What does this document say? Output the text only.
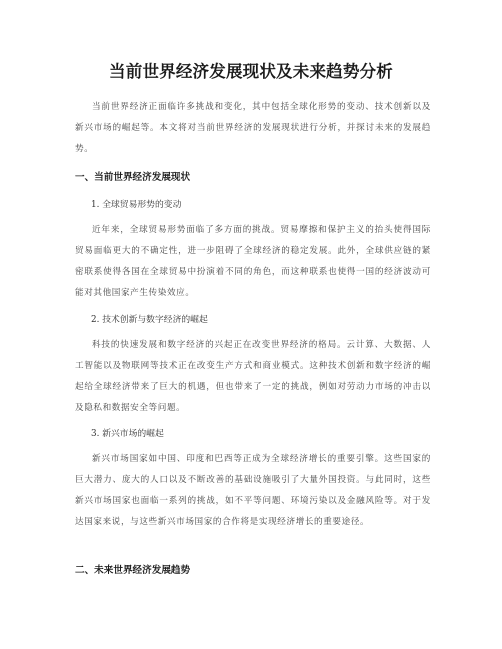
当前世界经济发展现状及未来趋势分析

当前世界经济正面临许多挑战和变化，其中包括全球化形势的变动、技术创新以及新兴市场的崛起等。本文将对当前世界经济的发展现状进行分析，并探讨未来的发展趋势。

一、当前世界经济发展现状
1. 全球贸易形势的变动

近年来，全球贸易形势面临了多方面的挑战。贸易摩擦和保护主义的抬头使得国际贸易面临更大的不确定性，进一步阻碍了全球经济的稳定发展。此外，全球供应链的紧密联系使得各国在全球贸易中扮演着不同的角色，而这种联系也使得一国的经济波动可能对其他国家产生传染效应。

2. 技术创新与数字经济的崛起

科技的快速发展和数字经济的兴起正在改变世界经济的格局。云计算、大数据、人工智能以及物联网等技术正在改变生产方式和商业模式。这种技术创新和数字经济的崛起给全球经济带来了巨大的机遇，但也带来了一定的挑战，例如对劳动力市场的冲击以及隐私和数据安全等问题。

3. 新兴市场的崛起

新兴市场国家如中国、印度和巴西等正成为全球经济增长的重要引擎。这些国家的巨大潜力、庞大的人口以及不断改善的基础设施吸引了大量外国投资。与此同时，这些新兴市场国家也面临一系列的挑战，如不平等问题、环境污染以及金融风险等。对于发达国家来说，与这些新兴市场国家的合作将是实现经济增长的重要途径。

二、未来世界经济发展趋势
